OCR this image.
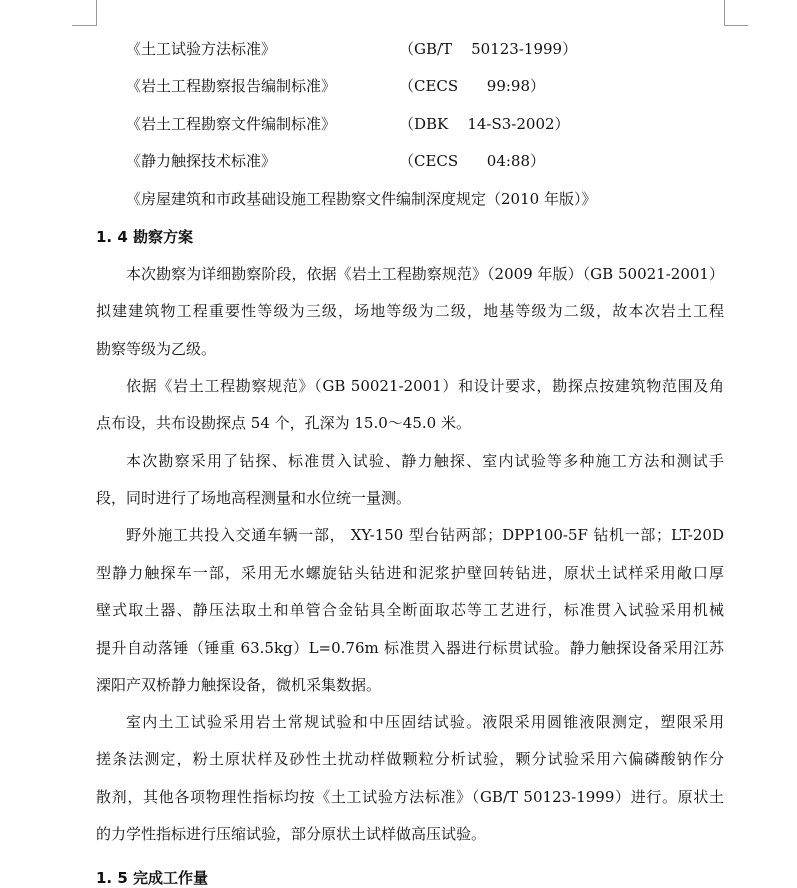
《土工试验方法标准》	（GB/T    50123-1999）
《岩土工程勘察报告编制标准》	（CECS      99:98）
《岩土工程勘察文件编制标准》	（DBK    14-S3-2002）
《静力触探技术标准》	（CECS      04:88）
《房屋建筑和市政基础设施工程勘察文件编制深度规定（2010 年版）》
1. 4 勘察方案
本次勘察为详细勘察阶段，依据《岩土工程勘察规范》（2009 年版）（GB 50021-2001）
拟建建筑物工程重要性等级为三级，场地等级为二级，地基等级为二级，故本次岩土工程
勘察等级为乙级。
依据《岩土工程勘察规范》（GB 50021-2001）和设计要求，勘探点按建筑物范围及角
点布设，共布设勘探点 54 个，孔深为 15.0～45.0 米。
本次勘察采用了钻探、标准贯入试验、静力触探、室内试验等多种施工方法和测试手
段，同时进行了场地高程测量和水位统一量测。
野外施工共投入交通车辆一部， XY-150 型台钻两部；DPP100-5F 钻机一部；LT-20D
型静力触探车一部，采用无水螺旋钻头钻进和泥浆护壁回转钻进，原状土试样采用敞口厚
壁式取土器、静压法取土和单管合金钻具全断面取芯等工艺进行，标准贯入试验采用机械
提升自动落锤（锤重 63.5kg）L=0.76m 标准贯入器进行标贯试验。静力触探设备采用江苏
溧阳产双桥静力触探设备，微机采集数据。
室内土工试验采用岩土常规试验和中压固结试验。液限采用圆锥液限测定，塑限采用
搓条法测定，粉土原状样及砂性土扰动样做颗粒分析试验，颗分试验采用六偏磷酸钠作分
散剂，其他各项物理性指标均按《土工试验方法标准》（GB/T 50123-1999）进行。原状土
的力学性指标进行压缩试验，部分原状土试样做高压试验。
1. 5 完成工作量
